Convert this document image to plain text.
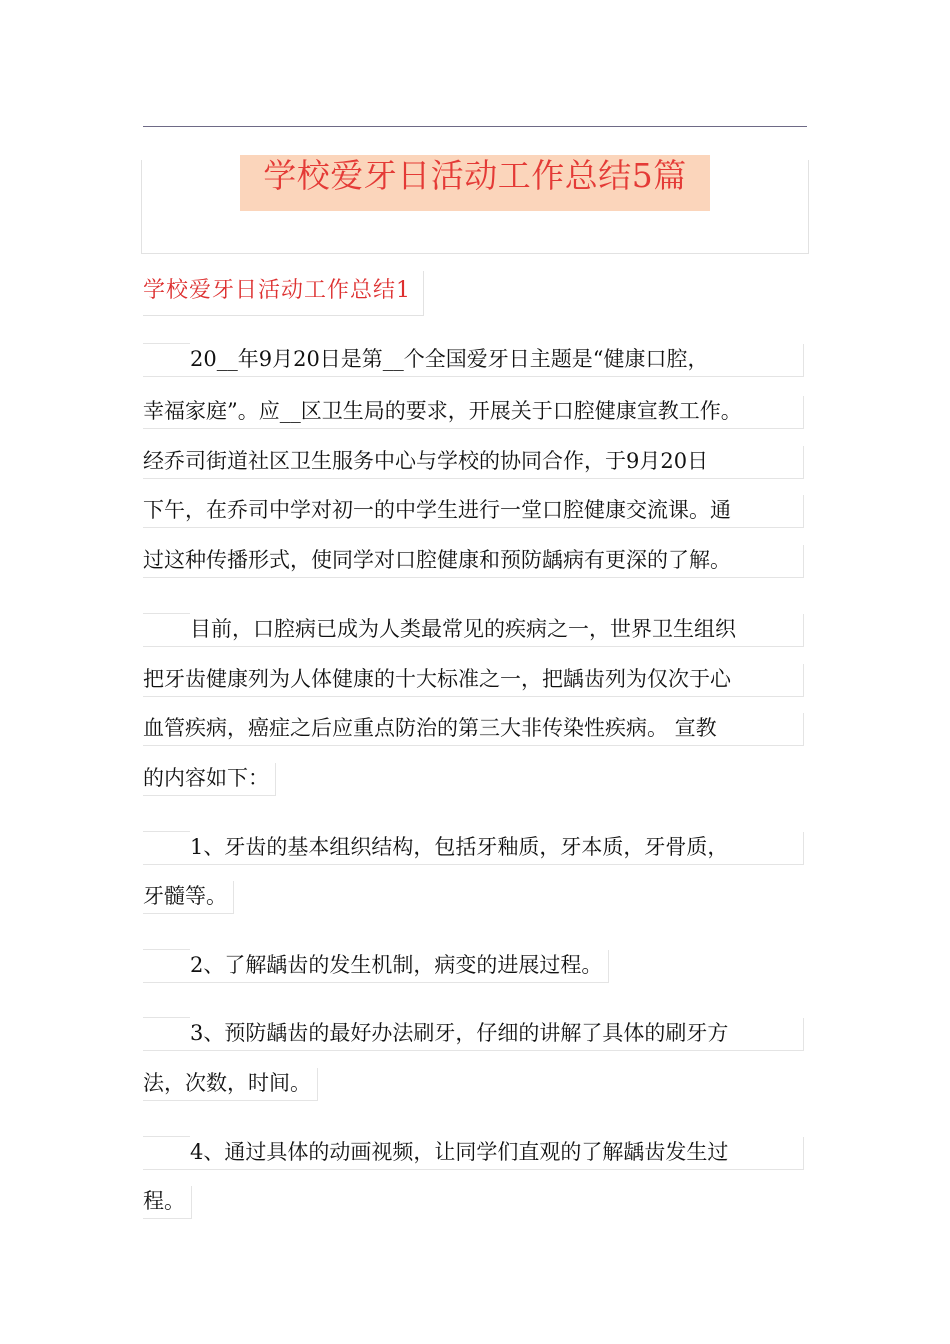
学校爱牙日活动工作总结5篇
学校爱牙日活动工作总结1
20__年9月20日是第__个全国爱牙日主题是“健康口腔，
幸福家庭”。应__区卫生局的要求，开展关于口腔健康宣教工作。
经乔司街道社区卫生服务中心与学校的协同合作，于9月20日
下午，在乔司中学对初一的中学生进行一堂口腔健康交流课。通
过这种传播形式，使同学对口腔健康和预防龋病有更深的了解。
目前，口腔病已成为人类最常见的疾病之一，世界卫生组织
把牙齿健康列为人体健康的十大标准之一，把龋齿列为仅次于心
血管疾病，癌症之后应重点防治的第三大非传染性疾病。 宣教
的内容如下：
1、牙齿的基本组织结构，包括牙釉质，牙本质，牙骨质，
牙髓等。
2、了解龋齿的发生机制，病变的进展过程。
3、预防龋齿的最好办法刷牙，仔细的讲解了具体的刷牙方
法，次数，时间。
4、通过具体的动画视频，让同学们直观的了解龋齿发生过
程。
